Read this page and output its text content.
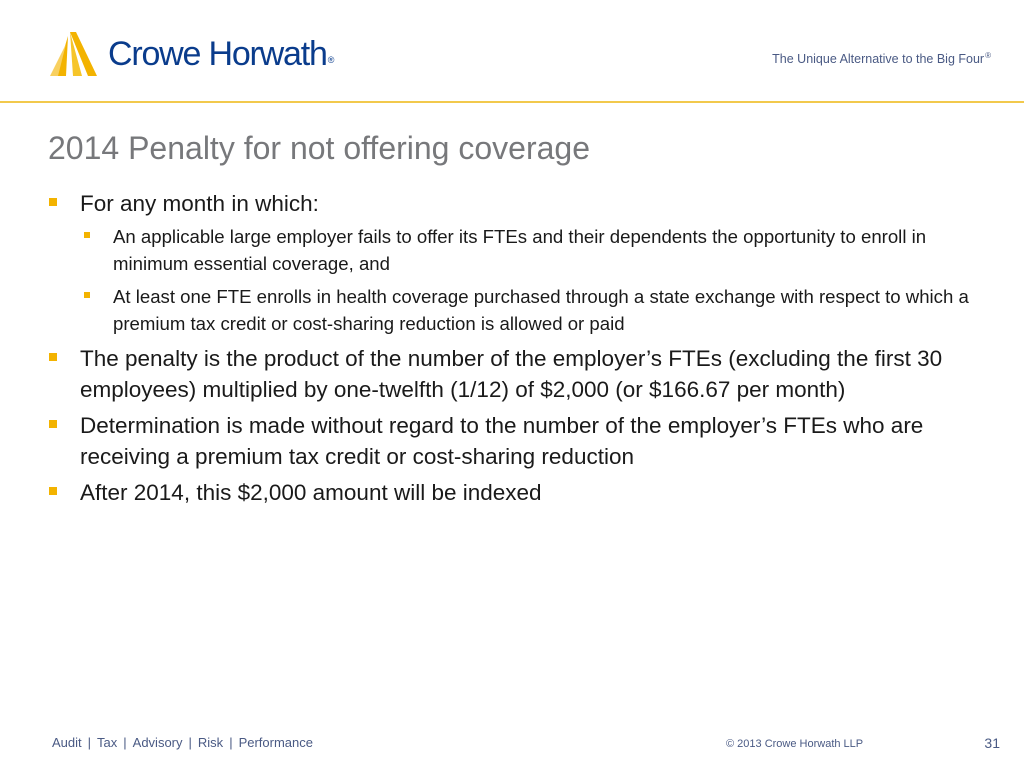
Crowe Horwath®	The Unique Alternative to the Big Four®
2014 Penalty for not offering coverage
For any month in which:
An applicable large employer fails to offer its FTEs and their dependents the opportunity to enroll in minimum essential coverage, and
At least one FTE enrolls in health coverage purchased through a state exchange with respect to which a premium tax credit or cost-sharing reduction is allowed or paid
The penalty is the product of the number of the employer’s FTEs (excluding the first 30 employees) multiplied by one-twelfth (1/12) of $2,000 (or $166.67 per month)
Determination is made without regard to the number of the employer’s FTEs who are receiving a premium tax credit or cost-sharing reduction
After 2014, this $2,000 amount will be indexed
Audit | Tax | Advisory | Risk | Performance	© 2013 Crowe Horwath LLP	31
